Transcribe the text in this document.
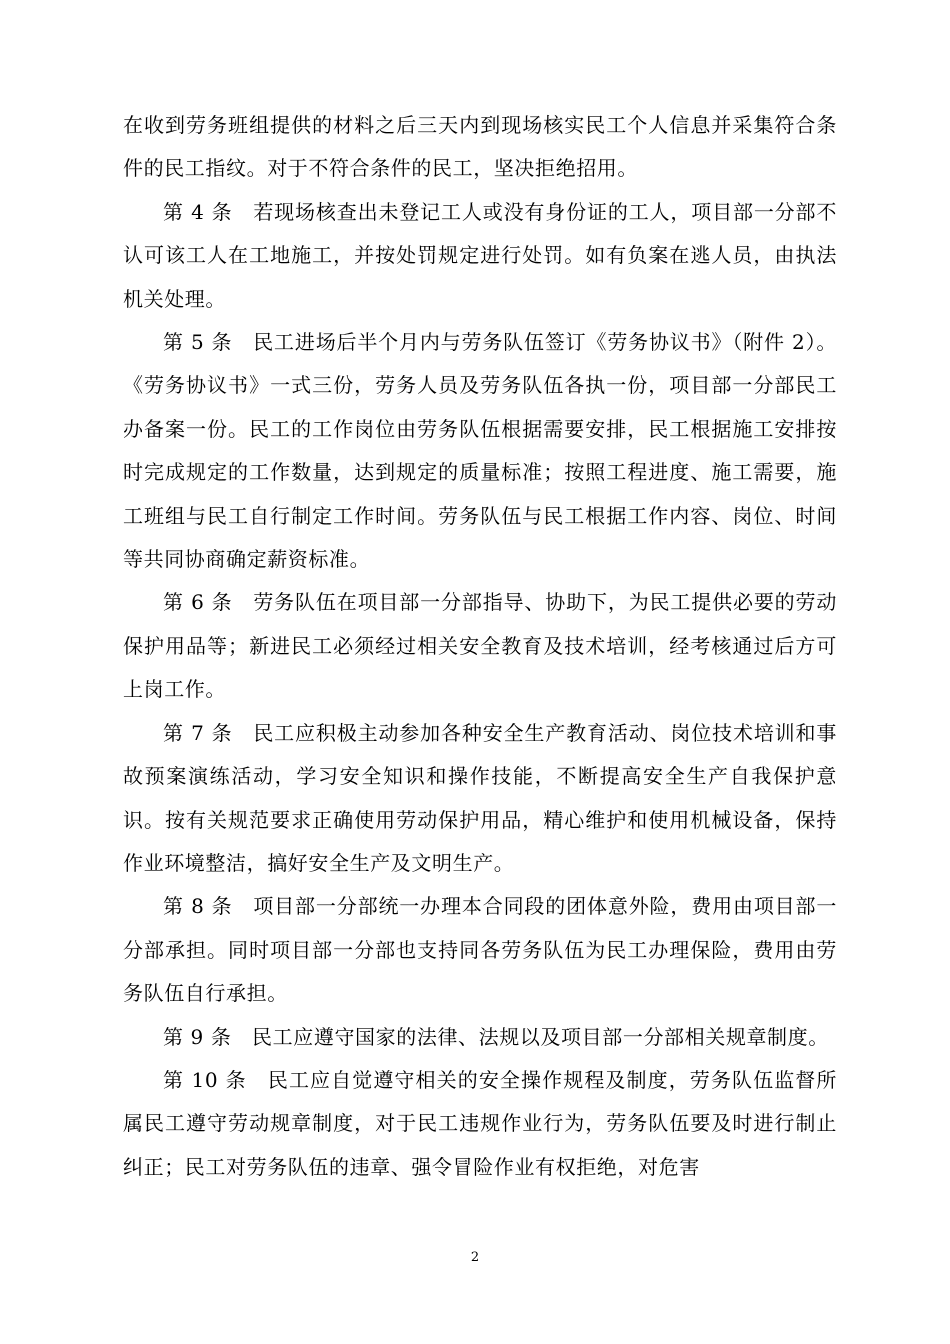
在收到劳务班组提供的材料之后三天内到现场核实民工个人信息并采集符合条件的民工指纹。对于不符合条件的民工，坚决拒绝招用。

第 4 条　若现场核查出未登记工人或没有身份证的工人，项目部一分部不认可该工人在工地施工，并按处罚规定进行处罚。如有负案在逃人员，由执法机关处理。

第 5 条　民工进场后半个月内与劳务队伍签订《劳务协议书》（附件 2）。《劳务协议书》一式三份，劳务人员及劳务队伍各执一份，项目部一分部民工办备案一份。民工的工作岗位由劳务队伍根据需要安排，民工根据施工安排按时完成规定的工作数量，达到规定的质量标准；按照工程进度、施工需要，施工班组与民工自行制定工作时间。劳务队伍与民工根据工作内容、岗位、时间等共同协商确定薪资标准。

第 6 条　劳务队伍在项目部一分部指导、协助下，为民工提供必要的劳动保护用品等；新进民工必须经过相关安全教育及技术培训，经考核通过后方可上岗工作。

第 7 条　民工应积极主动参加各种安全生产教育活动、岗位技术培训和事故预案演练活动，学习安全知识和操作技能，不断提高安全生产自我保护意识。按有关规范要求正确使用劳动保护用品，精心维护和使用机械设备，保持作业环境整洁，搞好安全生产及文明生产。

第 8 条　项目部一分部统一办理本合同段的团体意外险，费用由项目部一分部承担。同时项目部一分部也支持同各劳务队伍为民工办理保险，费用由劳务队伍自行承担。

第 9 条　民工应遵守国家的法律、法规以及项目部一分部相关规章制度。

第 10 条　民工应自觉遵守相关的安全操作规程及制度，劳务队伍监督所属民工遵守劳动规章制度，对于民工违规作业行为，劳务队伍要及时进行制止纠正；民工对劳务队伍的违章、强令冒险作业有权拒绝，对危害

2
